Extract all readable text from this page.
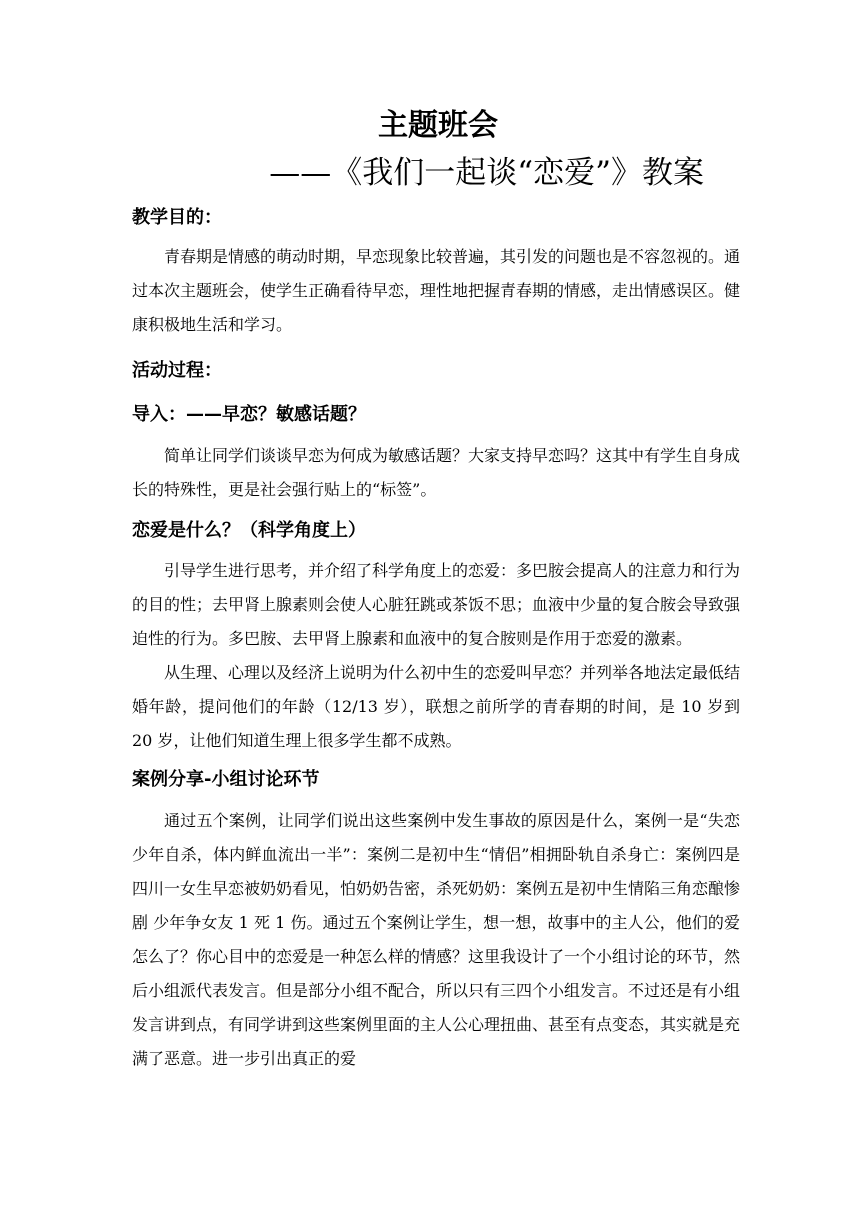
主题班会
——《我们一起谈“恋爱”》教案
教学目的：

青春期是情感的萌动时期，早恋现象比较普遍，其引发的问题也是不容忽视的。通过本次主题班会，使学生正确看待早恋，理性地把握青春期的情感，走出情感误区。健康积极地生活和学习。

活动过程：
导入：——早恋？敏感话题？

简单让同学们谈谈早恋为何成为敏感话题？大家支持早恋吗？这其中有学生自身成长的特殊性，更是社会强行贴上的“标签”。

恋爱是什么？（科学角度上）

引导学生进行思考，并介绍了科学角度上的恋爱：多巴胺会提高人的注意力和行为的目的性；去甲肾上腺素则会使人心脏狂跳或茶饭不思；血液中少量的复合胺会导致强迫性的行为。多巴胺、去甲肾上腺素和血液中的复合胺则是作用于恋爱的激素。

从生理、心理以及经济上说明为什么初中生的恋爱叫早恋？并列举各地法定最低结婚年龄，提问他们的年龄（12/13 岁），联想之前所学的青春期的时间，是 10 岁到 20 岁，让他们知道生理上很多学生都不成熟。

案例分享-小组讨论环节

通过五个案例，让同学们说出这些案例中发生事故的原因是什么，案例一是“失恋少年自杀，体内鲜血流出一半”：案例二是初中生“情侣”相拥卧轨自杀身亡：案例四是四川一女生早恋被奶奶看见，怕奶奶告密，杀死奶奶：案例五是初中生情陷三角恋酿惨剧 少年争女友 1 死 1 伤。通过五个案例让学生，想一想，故事中的主人公，他们的爱怎么了？你心目中的恋爱是一种怎么样的情感？这里我设计了一个小组讨论的环节，然后小组派代表发言。但是部分小组不配合，所以只有三四个小组发言。不过还是有小组发言讲到点，有同学讲到这些案例里面的主人公心理扭曲、甚至有点变态，其实就是充满了恶意。进一步引出真正的爱
